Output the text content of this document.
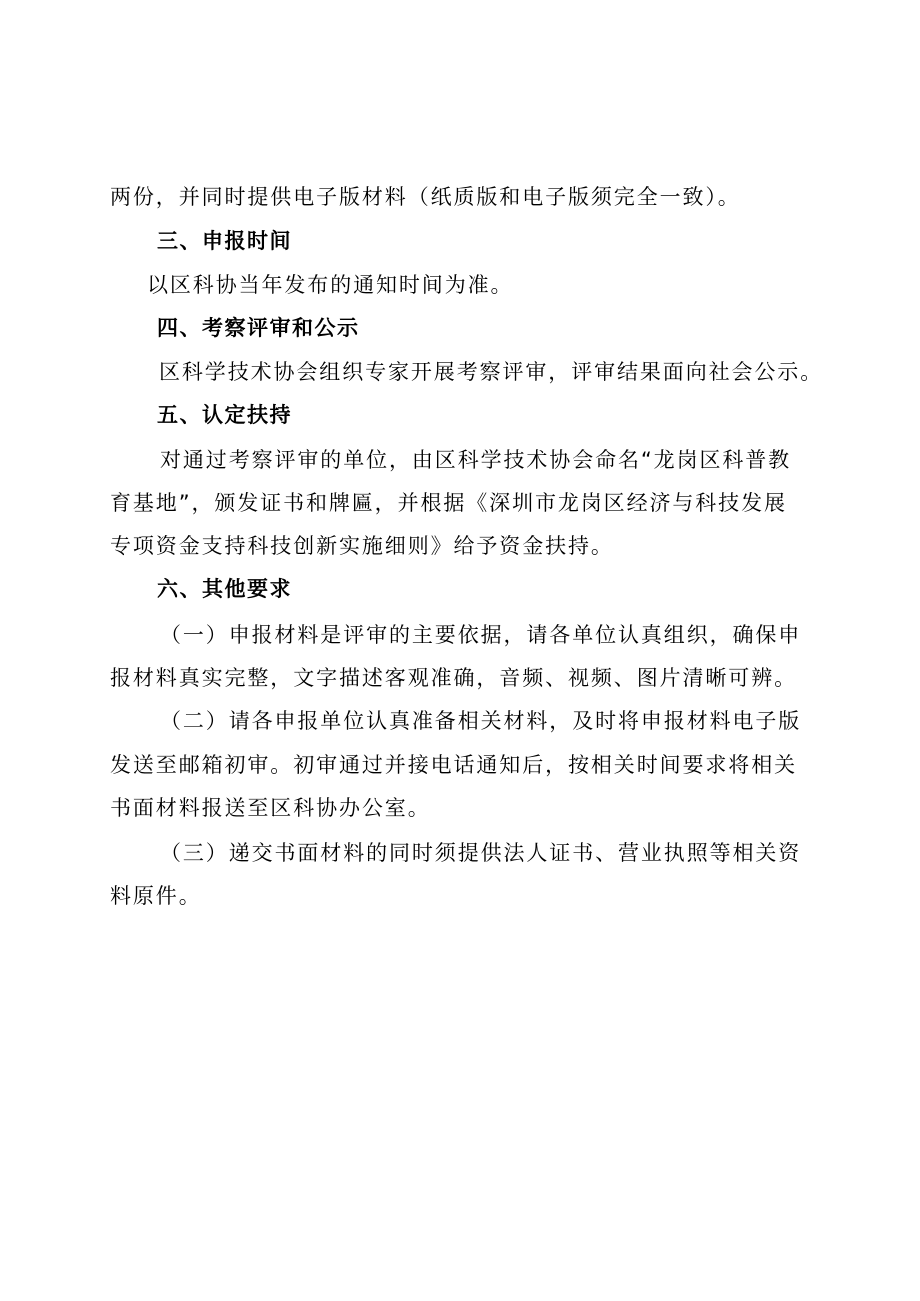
两份，并同时提供电子版材料（纸质版和电子版须完全一致）。
三、申报时间
以区科协当年发布的通知时间为准。
四、考察评审和公示
区科学技术协会组织专家开展考察评审，评审结果面向社会公示。
五、认定扶持
对通过考察评审的单位，由区科学技术协会命名“龙岗区科普教
育基地”，颁发证书和牌匾，并根据《深圳市龙岗区经济与科技发展
专项资金支持科技创新实施细则》给予资金扶持。
六、其他要求
（一）申报材料是评审的主要依据，请各单位认真组织，确保申
报材料真实完整，文字描述客观准确，音频、视频、图片清晰可辨。
（二）请各申报单位认真准备相关材料，及时将申报材料电子版
发送至邮箱初审。初审通过并接电话通知后，按相关时间要求将相关
书面材料报送至区科协办公室。
（三）递交书面材料的同时须提供法人证书、营业执照等相关资
料原件。
